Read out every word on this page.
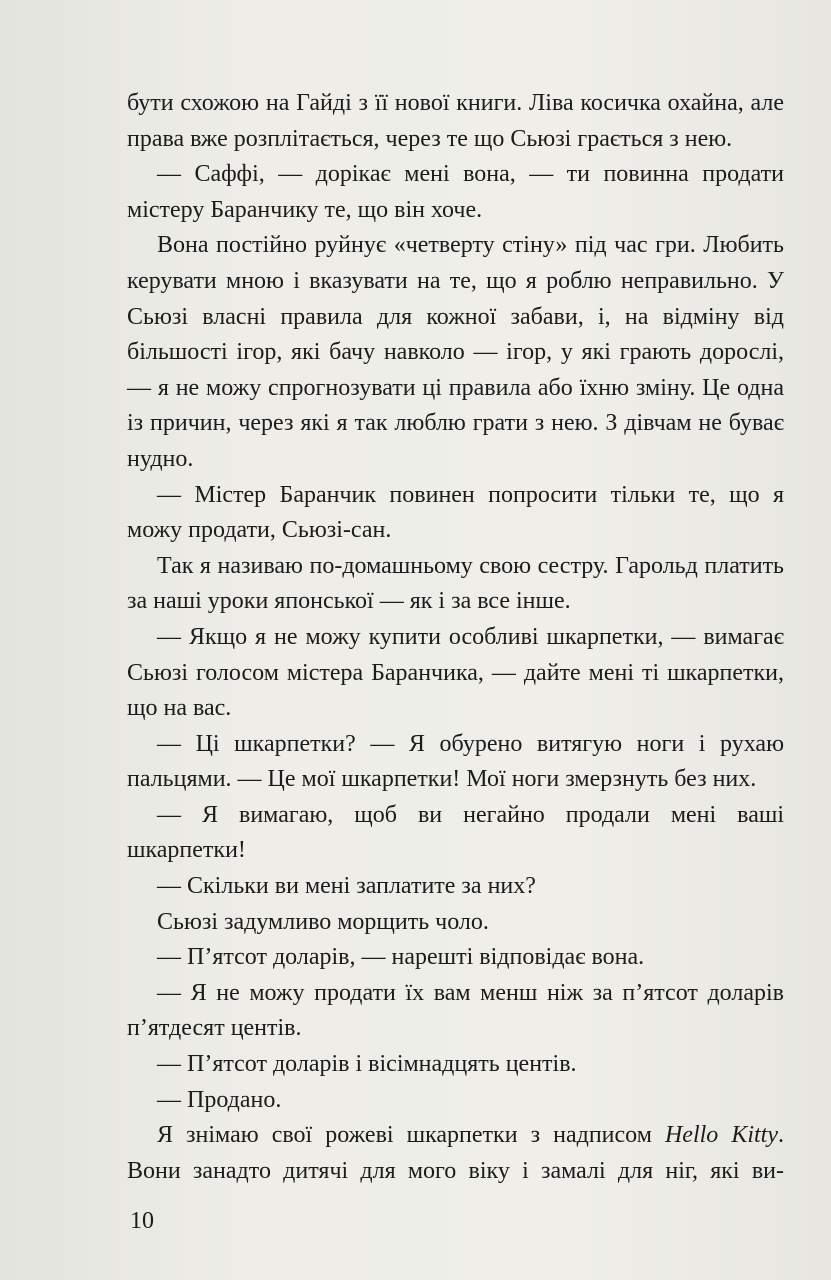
бути схожою на Гайді з її нової книги. Ліва косичка охайна, але права вже розплітається, через те що Сьюзі грається з нею.

— Саффі, — дорікає мені вона, — ти повинна продати містеру Баранчику те, що він хоче.

Вона постійно руйнує «четверту стіну» під час гри. Любить керувати мною і вказувати на те, що я роблю неправильно. У Сьюзі власні правила для кожної забави, і, на відміну від більшості ігор, які бачу навколо — ігор, у які грають дорослі, — я не можу спрогнозувати ці правила або їхню зміну. Це одна із причин, через які я так люблю грати з нею. З дівчам не буває нудно.

— Містер Баранчик повинен попросити тільки те, що я можу продати, Сьюзі-сан.

Так я називаю по-домашньому свою сестру. Гарольд платить за наші уроки японської — як і за все інше.

— Якщо я не можу купити особливі шкарпетки, — вимагає Сьюзі голосом містера Баранчика, — дайте мені ті шкарпетки, що на вас.

— Ці шкарпетки? — Я обурено витягую ноги і рухаю пальцями. — Це мої шкарпетки! Мої ноги змерзнуть без них.

— Я вимагаю, щоб ви негайно продали мені ваші шкарпетки!

— Скільки ви мені заплатите за них?

Сьюзі задумливо морщить чоло.

— П’ятсот доларів, — нарешті відповідає вона.

— Я не можу продати їх вам менш ніж за п’ятсот доларів п’ятдесят центів.

— П’ятсот доларів і вісімнадцять центів.

— Продано.

Я знімаю свої рожеві шкарпетки з надписом Hello Kitty. Вони занадто дитячі для мого віку і замалі для ніг, які ви-

10
